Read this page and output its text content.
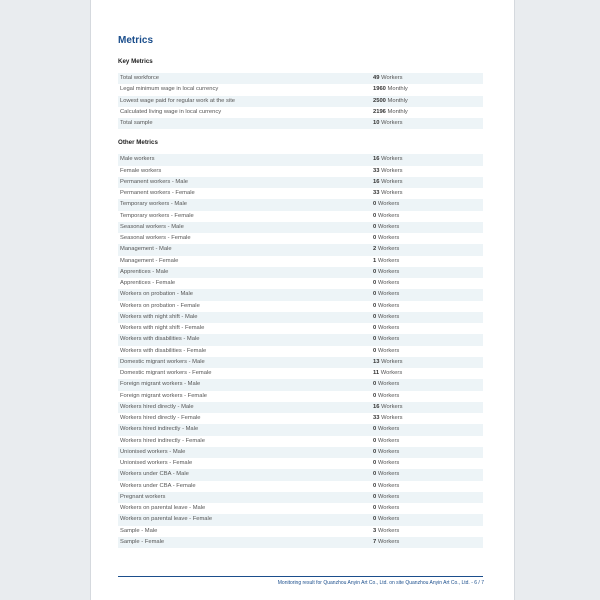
Metrics
Key Metrics
Total workforce	49 Workers
Legal minimum wage in local currency	1960 Monthly
Lowest wage paid for regular work at the site	2500 Monthly
Calculated living wage in local currency	2196 Monthly
Total sample	10 Workers
Other Metrics
Male workers	16 Workers
Female workers	33 Workers
Permanent workers - Male	16 Workers
Permanent workers - Female	33 Workers
Temporary workers - Male	0 Workers
Temporary workers - Female	0 Workers
Seasonal workers - Male	0 Workers
Seasonal workers - Female	0 Workers
Management - Male	2 Workers
Management - Female	1 Workers
Apprentices - Male	0 Workers
Apprentices - Female	0 Workers
Workers on probation - Male	0 Workers
Workers on probation - Female	0 Workers
Workers with night shift - Male	0 Workers
Workers with night shift - Female	0 Workers
Workers with disabilities - Male	0 Workers
Workers with disabilities - Female	0 Workers
Domestic migrant workers - Male	13 Workers
Domestic migrant workers - Female	11 Workers
Foreign migrant workers - Male	0 Workers
Foreign migrant workers - Female	0 Workers
Workers hired directly - Male	16 Workers
Workers hired directly - Female	33 Workers
Workers hired indirectly - Male	0 Workers
Workers hired indirectly - Female	0 Workers
Unionised workers - Male	0 Workers
Unionised workers - Female	0 Workers
Workers under CBA - Male	0 Workers
Workers under CBA - Female	0 Workers
Pregnant workers	0 Workers
Workers on parental leave - Male	0 Workers
Workers on parental leave - Female	0 Workers
Sample - Male	3 Workers
Sample - Female	7 Workers
Monitoring result for Quanzhou Anyin Art Co., Ltd. on site Quanzhou Anyin Art Co., Ltd. - 6 / 7
